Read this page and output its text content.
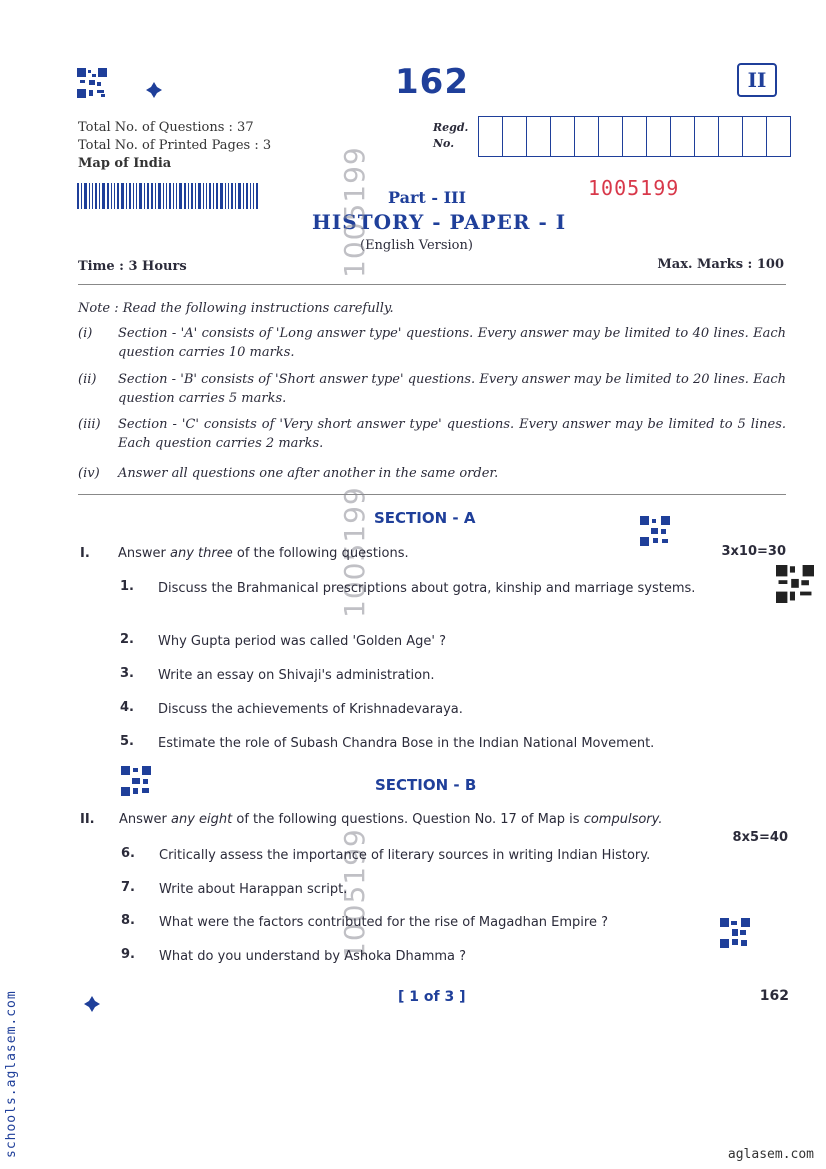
162	II
Total No. of Questions : 37
Total No. of Printed Pages : 3
Map of India
Regd.
No.
1005199
Part - III
HISTORY - PAPER - I
(English Version)
Time : 3 Hours	Max. Marks : 100
Note : Read the following instructions carefully.
(i) Section - 'A' consists of 'Long answer type' questions. Every answer may be limited to 40 lines. Each question carries 10 marks.
(ii) Section - 'B' consists of 'Short answer type' questions. Every answer may be limited to 20 lines. Each question carries 5 marks.
(iii) Section - 'C' consists of 'Very short answer type' questions. Every answer may be limited to 5 lines. Each question carries 2 marks.
(iv) Answer all questions one after another in the same order.
1005199
1005199
1005199
SECTION - A
I. Answer any three of the following questions.	3x10=30
1. Discuss the Brahmanical prescriptions about gotra, kinship and marriage systems.
2. Why Gupta period was called 'Golden Age' ?
3. Write an essay on Shivaji's administration.
4. Discuss the achievements of Krishnadevaraya.
5. Estimate the role of Subash Chandra Bose in the Indian National Movement.
SECTION - B
II. Answer any eight of the following questions. Question No. 17 of Map is compulsory.
8x5=40
6. Critically assess the importance of literary sources in writing Indian History.
7. Write about Harappan script.
8. What were the factors contributed for the rise of Magadhan Empire ?
9. What do you understand by Ashoka Dhamma ?
[ 1 of 3 ]	162
schools.aglasem.com	aglasem.com
